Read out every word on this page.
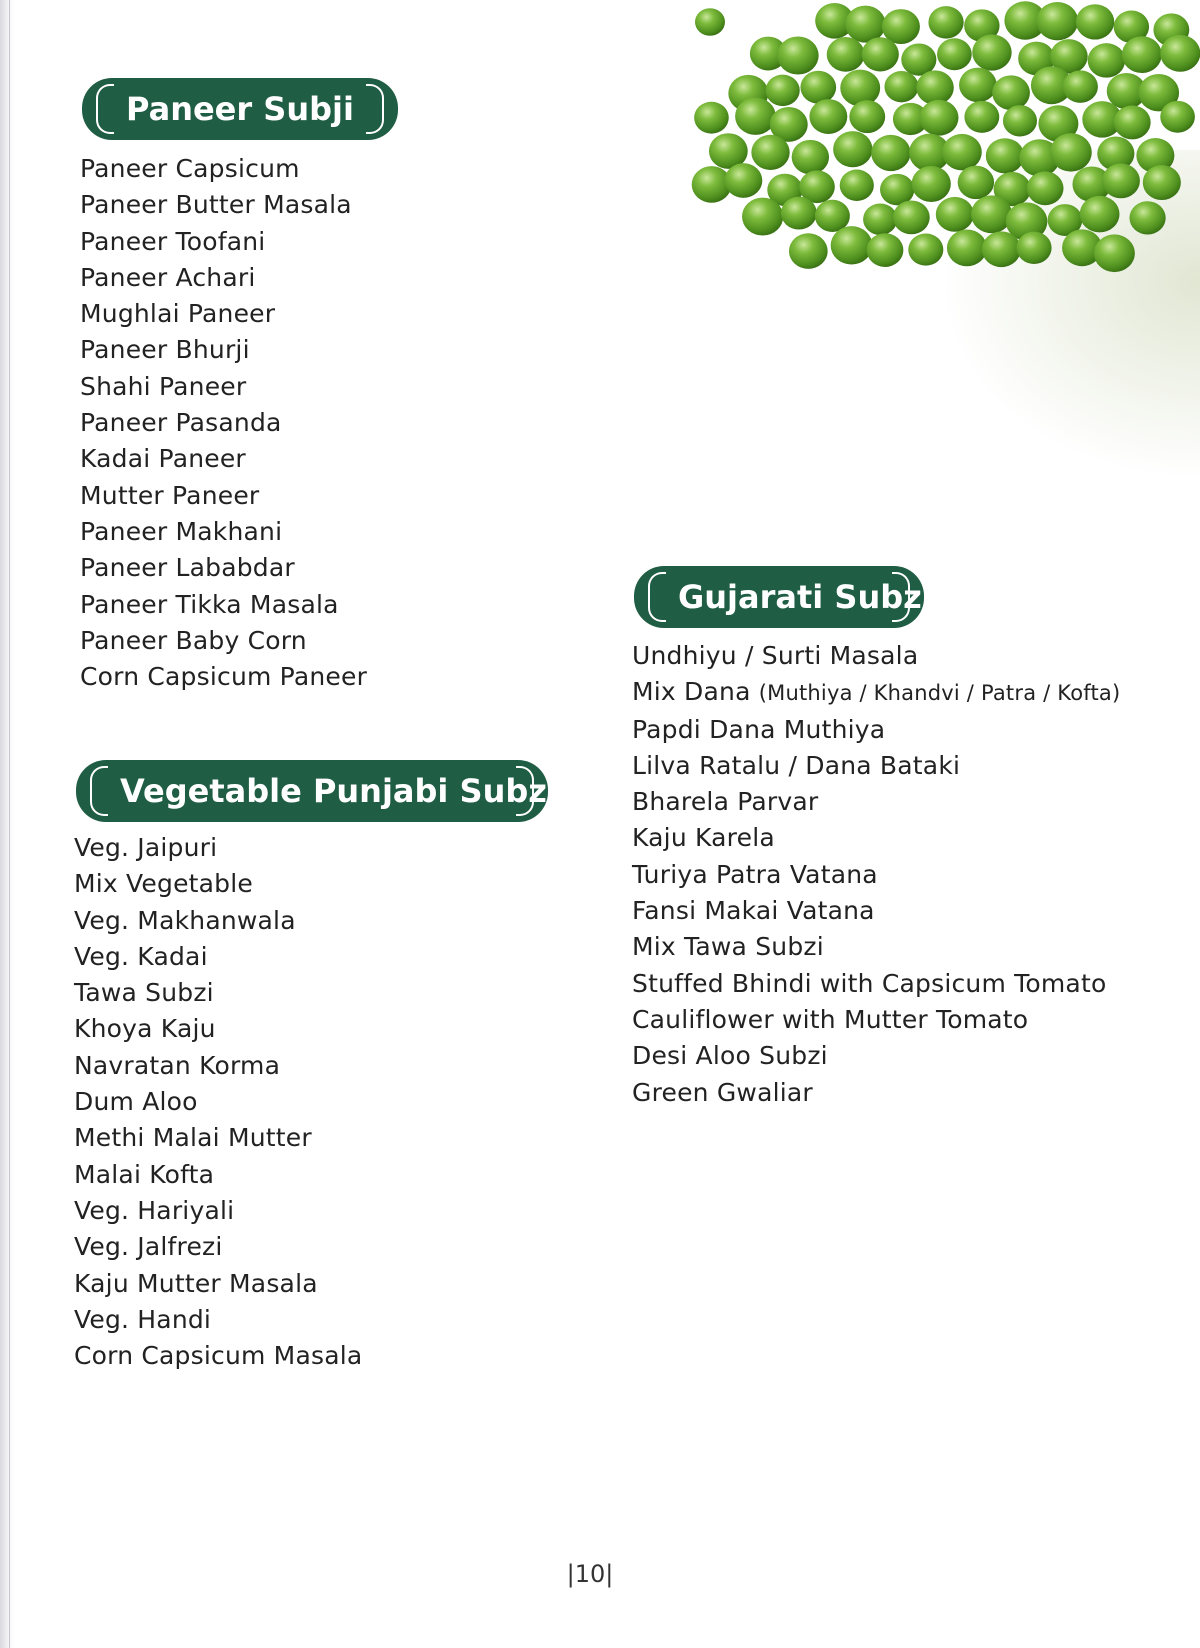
Paneer Subji
Paneer Capsicum
Paneer Butter Masala
Paneer Toofani
Paneer Achari
Mughlai Paneer
Paneer Bhurji
Shahi Paneer
Paneer Pasanda
Kadai Paneer
Mutter Paneer
Paneer Makhani
Paneer Lababdar
Paneer Tikka Masala
Paneer Baby Corn
Corn Capsicum Paneer
Vegetable Punjabi Subzi
Veg. Jaipuri
Mix Vegetable
Veg. Makhanwala
Veg. Kadai
Tawa Subzi
Khoya Kaju
Navratan Korma
Dum Aloo
Methi Malai Mutter
Malai Kofta
Veg. Hariyali
Veg. Jalfrezi
Kaju Mutter Masala
Veg. Handi
Corn Capsicum Masala
Gujarati Subzi
Undhiyu / Surti Masala
Mix Dana (Muthiya / Khandvi / Patra / Kofta)
Papdi Dana Muthiya
Lilva Ratalu / Dana Bataki
Bharela Parvar
Kaju Karela
Turiya Patra Vatana
Fansi Makai Vatana
Mix Tawa Subzi
Stuffed Bhindi with Capsicum Tomato
Cauliflower with Mutter Tomato
Desi Aloo Subzi
Green Gwaliar
|10|
